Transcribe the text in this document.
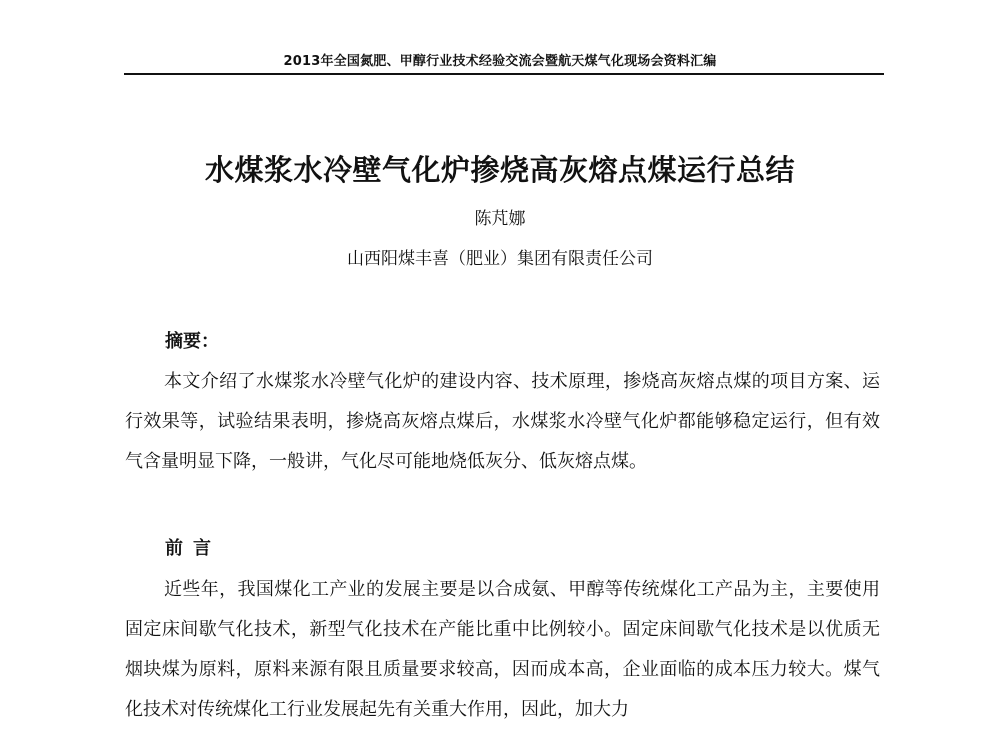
2013年全国氮肥、甲醇行业技术经验交流会暨航天煤气化现场会资料汇编
水煤浆水冷壁气化炉掺烧高灰熔点煤运行总结
陈芃娜
山西阳煤丰喜（肥业）集团有限责任公司
摘要：

本文介绍了水煤浆水冷壁气化炉的建设内容、技术原理，掺烧高灰熔点煤的项目方案、运行效果等，试验结果表明，掺烧高灰熔点煤后，水煤浆水冷壁气化炉都能够稳定运行，但有效气含量明显下降，一般讲，气化尽可能地烧低灰分、低灰熔点煤。

前言

近些年，我国煤化工产业的发展主要是以合成氨、甲醇等传统煤化工产品为主，主要使用固定床间歇气化技术，新型气化技术在产能比重中比例较小。固定床间歇气化技术是以优质无烟块煤为原料，原料来源有限且质量要求较高，因而成本高，企业面临的成本压力较大。煤气化技术对传统煤化工行业发展起先有关重大作用，因此，加大力
